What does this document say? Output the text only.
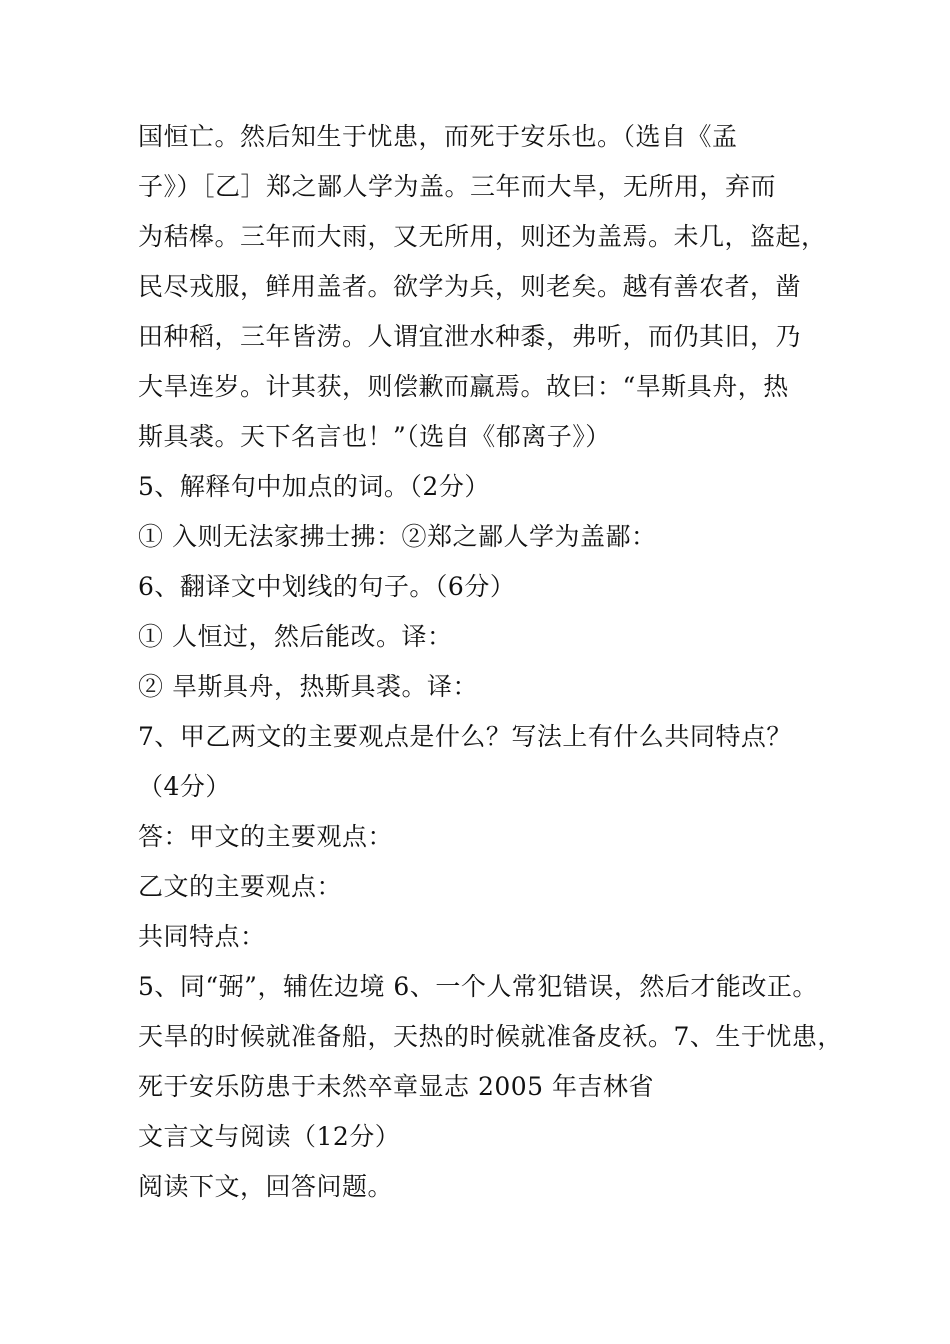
国恒亡。然后知生于忧患，而死于安乐也。（选自《孟
子》）［乙］郑之鄙人学为盖。三年而大旱，无所用，弃而
为秸槔。三年而大雨，又无所用，则还为盖焉。未几，盗起，
民尽戎服，鲜用盖者。欲学为兵，则老矣。越有善农者，凿
田种稻，三年皆涝。人谓宜泄水种黍，弗听，而仍其旧，乃
大旱连岁。计其获，则偿歉而羸焉。故曰：“旱斯具舟，热
斯具裘。天下名言也！”（选自《郁离子》）
5、解释句中加点的词。（2分）
① 入则无法家拂士拂：②郑之鄙人学为盖鄙：
6、翻译文中划线的句子。（6分）
① 人恒过，然后能改。译：
② 旱斯具舟，热斯具裘。译：
7、甲乙两文的主要观点是什么？写法上有什么共同特点？
（4分）
答：甲文的主要观点：
乙文的主要观点：
共同特点：
5、同“弼”，辅佐边境 6、一个人常犯错误，然后才能改正。
天旱的时候就准备船，天热的时候就准备皮袄。7、生于忧患，
死于安乐防患于未然卒章显志 2005 年吉林省
文言文与阅读（12分）
阅读下文，回答问题。
